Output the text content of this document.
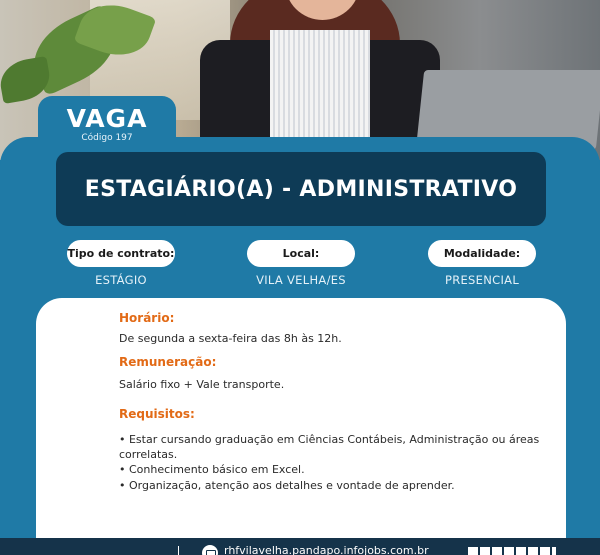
VAGA
Código 197
ESTAGIÁRIO(A) - ADMINISTRATIVO
Tipo de contrato:
ESTÁGIO
Local:
VILA VELHA/ES
Modalidade:
PRESENCIAL
Horário:
De segunda a sexta-feira das 8h às 12h.
Remuneração:
Salário fixo + Vale transporte.
Requisitos:
• Estar cursando graduação em Ciências Contábeis, Administração ou áreas correlatas.
• Conhecimento básico em Excel.
• Organização, atenção aos detalhes e vontade de aprender.
rhfvilavelha.pandapo.infojobs.com.br
